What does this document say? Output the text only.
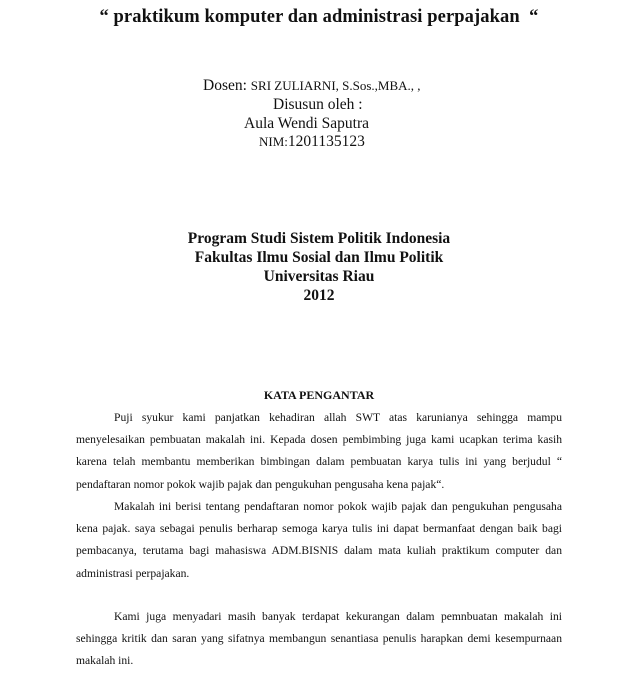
“ praktikum komputer dan administrasi perpajakan  “
Dosen: SRI ZULIARNI, S.Sos.,MBA., ,
Disusun oleh :
Aula Wendi Saputra
NIM:1201135123
Program Studi Sistem Politik Indonesia
Fakultas Ilmu Sosial dan Ilmu Politik
Universitas Riau
2012
KATA PENGANTAR

Puji syukur kami panjatkan kehadiran allah SWT atas karunianya sehingga mampu menyelesaikan pembuatan makalah ini. Kepada dosen pembimbing juga kami ucapkan terima kasih karena telah membantu memberikan bimbingan dalam pembuatan karya tulis ini yang berjudul “ pendaftaran nomor pokok wajib pajak dan pengukuhan pengusaha kena pajak“.

Makalah ini berisi tentang pendaftaran nomor pokok wajib pajak dan pengukuhan pengusaha kena pajak. saya sebagai penulis berharap semoga karya tulis ini dapat bermanfaat dengan baik bagi pembacanya, terutama bagi mahasiswa ADM.BISNIS dalam mata kuliah praktikum computer dan administrasi perpajakan.

Kami juga menyadari masih banyak terdapat kekurangan dalam pemnbuatan makalah ini sehingga kritik dan saran yang sifatnya membangun senantiasa penulis harapkan demi kesempurnaan makalah ini.
